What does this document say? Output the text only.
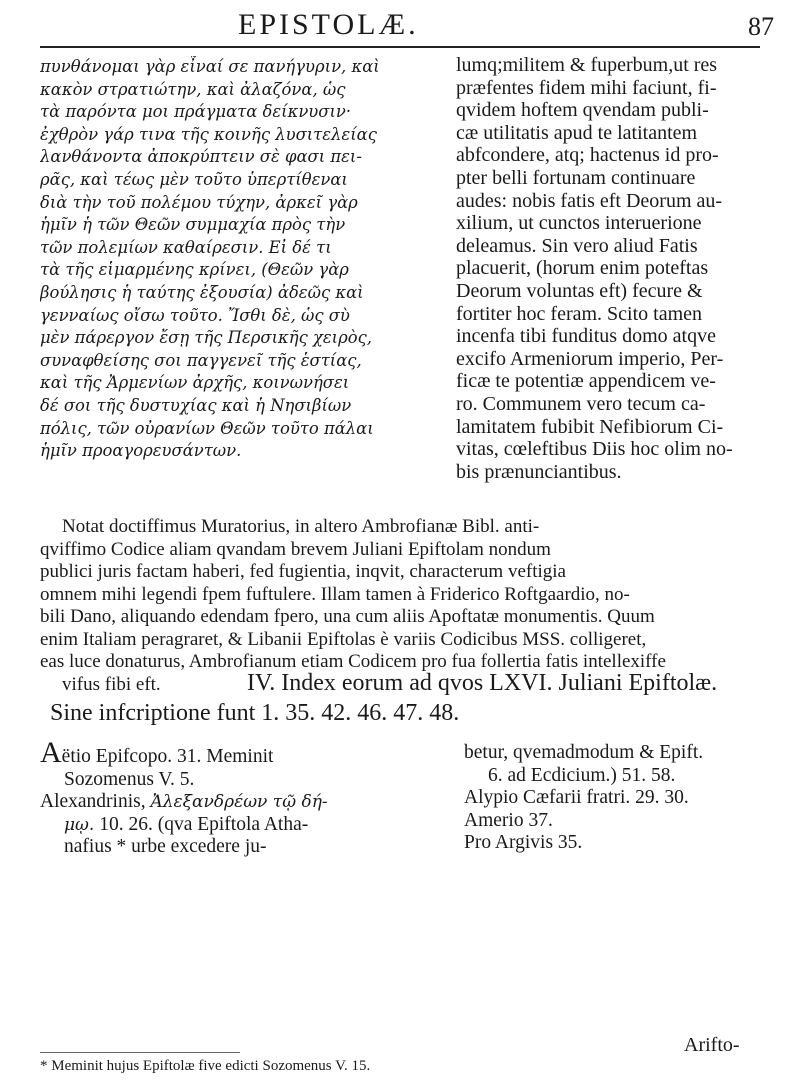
EPISTOLÆ.	87
πυνθάνομαι γὰρ εἶναί σε πανήγυριν, καὶ
κακὸν στρατιώτην, καὶ ἀλαζόνα, ὡς
τὰ παρόντα μοι πράγματα δείκνυσιν·
ἐχθρὸν γάρ τινα τῆς κοινῆς λυσιτελείας
λανθάνοντα ἀποκρύπτειν σὲ φασι πει-
ρᾶς, καὶ τέως μὲν τοῦτο ὑπερτίθεναι
διὰ τὴν τοῦ πολέμου τύχην, ἀρκεῖ γὰρ
ἡμῖν ἡ τῶν Θεῶν συμμαχία πρὸς τὴν
τῶν πολεμίων καθαίρεσιν. Εἰ δέ τι
τὰ τῆς εἱμαρμένης κρίνει, (Θεῶν γὰρ
βούλησις ἡ ταύτης ἐξουσία) ἀδεῶς καὶ
γενναίως οἴσω τοῦτο. Ἴσθι δὲ, ὡς σὺ
μὲν πάρεργον ἔσῃ τῆς Περσικῆς χειρὸς,
συναφθείσης σοι παγγενεῖ τῆς ἑστίας,
καὶ τῆς Ἀρμενίων ἀρχῆς, κοινωνήσει
δέ σοι τῆς δυστυχίας καὶ ἡ Νησιβίων
πόλις, τῶν οὐρανίων Θεῶν τοῦτο πάλαι
ἡμῖν προαγορευσάντων.
lumq;militem & fuperbum,ut res
præfentes fidem mihi faciunt, fi-
qvidem hoftem qvendam publi-
cæ utilitatis apud te latitantem
abfcondere, atq; hactenus id pro-
pter belli fortunam continuare
audes: nobis fatis eft Deorum au-
xilium, ut cunctos interuerione
deleamus. Sin vero aliud Fatis
placuerit, (horum enim poteftas
Deorum voluntas eft) fecure &
fortiter hoc feram. Scito tamen
incenfa tibi funditus domo atqve
excifo Armeniorum imperio, Per-
ficæ te potentiæ appendicem ve-
ro. Communem vero tecum ca-
lamitatem fubibit Nefibiorum Ci-
vitas, cœleftibus Diis hoc olim no-
bis prænunciantibus.
Notat doctiffimus Muratorius, in altero Ambrofianæ Bibl. anti-
qviffimo Codice aliam qvandam brevem Juliani Epiftolam nondum
publici juris factam haberi, fed fugientia, inqvit, characterum veftigia
omnem mihi legendi fpem fuftulere. Illam tamen à Friderico Roftgaardio, no-
bili Dano, aliquando edendam fpero, una cum aliis Apoftatæ monumentis. Quum
enim Italiam peragraret, & Libanii Epiftolas è variis Codicibus MSS. colligeret,
eas luce donaturus, Ambrofianum etiam Codicem pro fua follertia fatis intellexiffe
vifus fibi eft.	IV. Index eorum ad qvos LXVI. Juliani Epiftolæ.
Sine infcriptione funt 1. 35. 42. 46. 47. 48.
Aëtio Epifcopo. 31. Meminit
Sozomenus V. 5.
Alexandrinis, Ἀλεξανδρέων τῷ δή-
μῳ. 10. 26. (qva Epiftola Atha-
nafius * urbe excedere ju-
betur, qvemadmodum & Epift.
6. ad Ecdicium.) 51. 58.
Alypio Cæfarii fratri. 29. 30.
Amerio 37.
Pro Argivis 35.
Arifto-
* Meminit hujus Epiftolæ five edicti Sozomenus V. 15.
